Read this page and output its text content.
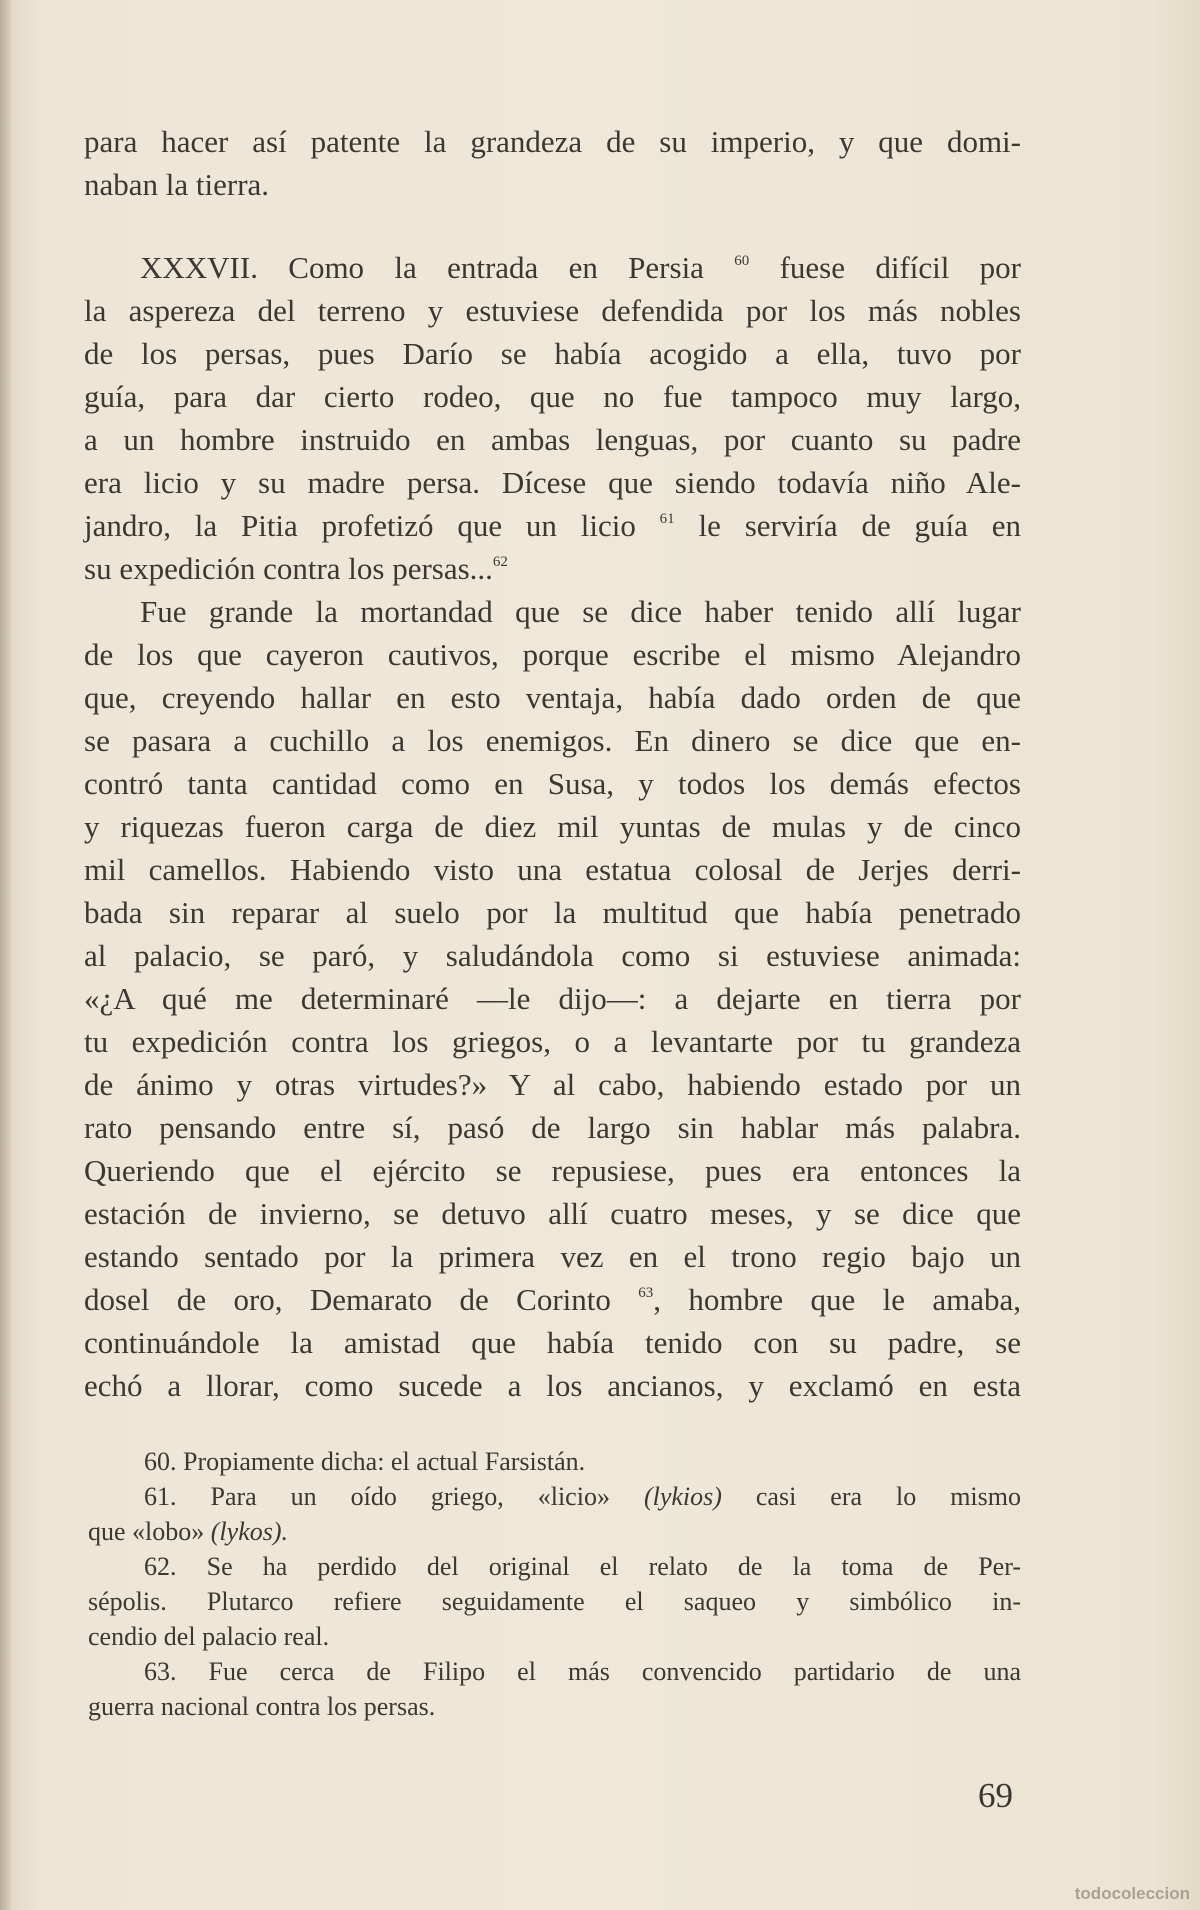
para hacer así patente la grandeza de su imperio, y que domi-
naban la tierra.
XXXVII. Como la entrada en Persia $^{60}$ fuese difícil por
la aspereza del terreno y estuviese defendida por los más nobles
de los persas, pues Darío se había acogido a ella, tuvo por
guía, para dar cierto rodeo, que no fue tampoco muy largo,
a un hombre instruido en ambas lenguas, por cuanto su padre
era licio y su madre persa. Dícese que siendo todavía niño Ale-
jandro, la Pitia profetizó que un licio $^{61}$ le serviría de guía en
su expedición contra los persas...$^{62}$
Fue grande la mortandad que se dice haber tenido allí lugar
de los que cayeron cautivos, porque escribe el mismo Alejandro
que, creyendo hallar en esto ventaja, había dado orden de que
se pasara a cuchillo a los enemigos. En dinero se dice que en-
contró tanta cantidad como en Susa, y todos los demás efectos
y riquezas fueron carga de diez mil yuntas de mulas y de cinco
mil camellos. Habiendo visto una estatua colosal de Jerjes derri-
bada sin reparar al suelo por la multitud que había penetrado
al palacio, se paró, y saludándola como si estuviese animada:
«¿A qué me determinaré —le dijo—: a dejarte en tierra por
tu expedición contra los griegos, o a levantarte por tu grandeza
de ánimo y otras virtudes?» Y al cabo, habiendo estado por un
rato pensando entre sí, pasó de largo sin hablar más palabra.
Queriendo que el ejército se repusiese, pues era entonces la
estación de invierno, se detuvo allí cuatro meses, y se dice que
estando sentado por la primera vez en el trono regio bajo un
dosel de oro, Demarato de Corinto $^{63}$, hombre que le amaba,
continuándole la amistad que había tenido con su padre, se
echó a llorar, como sucede a los ancianos, y exclamó en esta
60. Propiamente dicha: el actual Farsistán.
61. Para un oído griego, «licio» (lykios) casi era lo mismo
que «lobo» (lykos).
62. Se ha perdido del original el relato de la toma de Per-
sépolis. Plutarco refiere seguidamente el saqueo y simbólico in-
cendio del palacio real.
63. Fue cerca de Filipo el más convencido partidario de una
guerra nacional contra los persas.
69
todocoleccion
